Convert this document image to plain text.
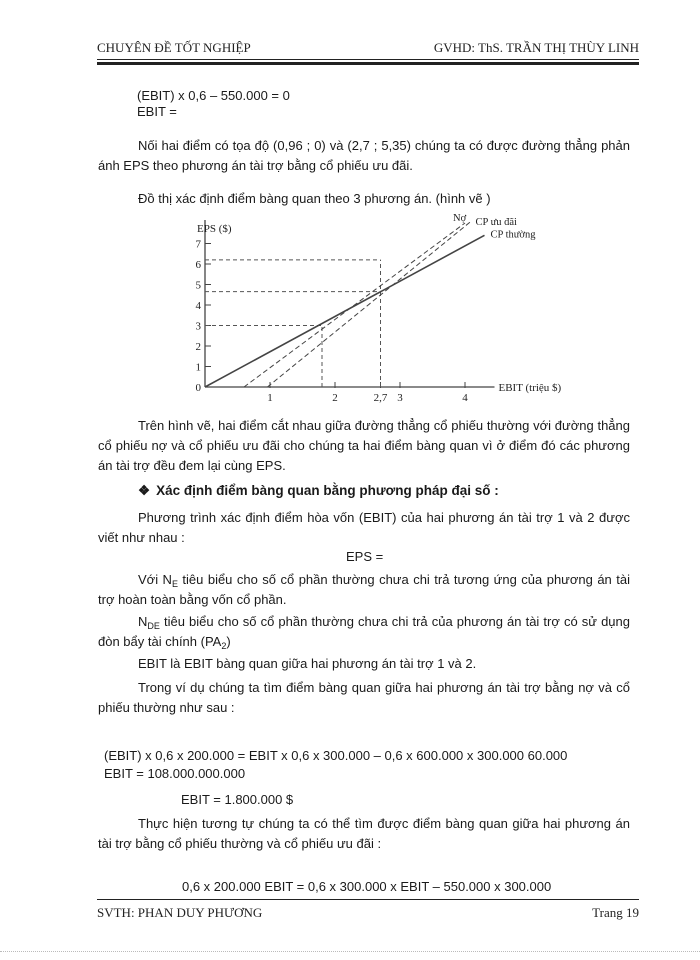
CHUYÊN ĐỀ TỐT NGHIỆP	GVHD: ThS. TRẦN THỊ THÙY LINH
(EBIT) x 0,6 – 550.000 = 0
EBIT =
Nối hai điểm có tọa độ (0,96 ; 0) và (2,7 ; 5,35) chúng ta có được đường thẳng phản ánh EPS theo phương án tài trợ bằng cổ phiếu ưu đãi.
Đồ thị xác định điểm bàng quan theo 3 phương án. (hình vẽ )
0
1
2
3
4
5
6
7
1	2	2,7 3	4
EPS ($)
EBIT (triệu $)
Nợ CP ưu đãi
CP thường
Trên hình vẽ, hai điểm cắt nhau giữa đường thẳng cổ phiếu thường với đường thẳng cổ phiếu nợ và cổ phiếu ưu đãi cho chúng ta hai điểm bàng quan vì ở điểm đó các phương án tài trợ đều đem lại cùng EPS.
❖ Xác định điểm bàng quan bằng phương pháp đại số :
Phương trình xác định điểm hòa vốn (EBIT) của hai phương án tài trợ 1 và 2 được viết như nhau :
EPS =
Với $N_E$ tiêu biểu cho số cổ phần thường chưa chi trả tương ứng của phương án tài trợ hoàn toàn bằng vốn cổ phần.
$N_{DE}$ tiêu biểu cho số cổ phần thường chưa chi trả của phương án tài trợ có sử dụng đòn bẩy tài chính $(PA_2)$
EBIT là EBIT bàng quan giữa hai phương án tài trợ 1 và 2.
Trong ví dụ chúng ta tìm điểm bàng quan giữa hai phương án tài trợ bằng nợ và cổ phiếu thường như sau :
(EBIT) x 0,6 x 200.000 = EBIT x 0,6 x 300.000 – 0,6 x 600.000 x 300.000 60.000
EBIT = 108.000.000.000
EBIT = 1.800.000 $
Thực hiện tương tự chúng ta có thể tìm được điểm bàng quan giữa hai phương án tài trợ bằng cổ phiếu thường và cổ phiếu ưu đãi :
0,6 x 200.000 EBIT = 0,6 x 300.000 x EBIT – 550.000 x 300.000
SVTH: PHAN DUY PHƯƠNG	Trang 19
